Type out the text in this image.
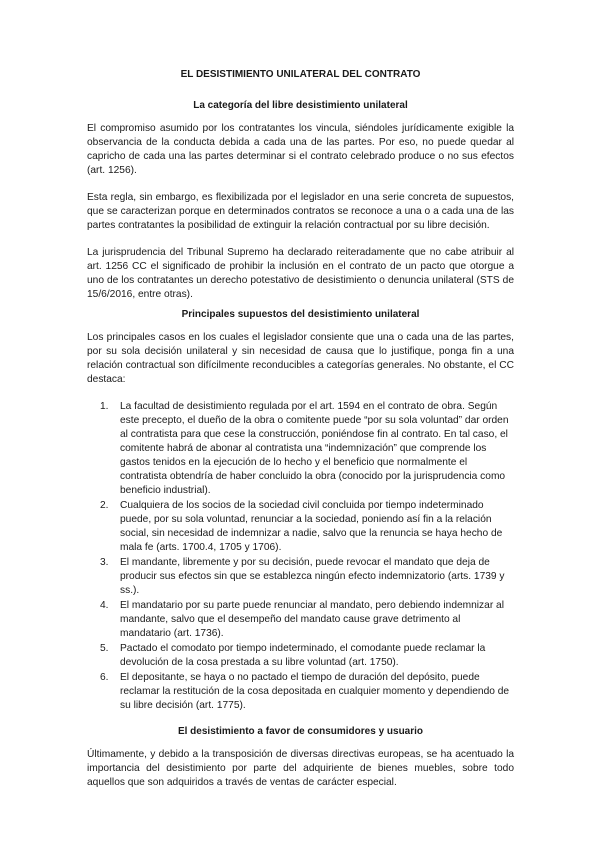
EL DESISTIMIENTO UNILATERAL DEL CONTRATO
La categoría del libre desistimiento unilateral

El compromiso asumido por los contratantes los vincula, siéndoles jurídicamente exigible la observancia de la conducta debida a cada una de las partes. Por eso, no puede quedar al capricho de cada una las partes determinar si el contrato celebrado produce o no sus efectos (art. 1256).

Esta regla, sin embargo, es flexibilizada por el legislador en una serie concreta de supuestos, que se caracterizan porque en determinados contratos se reconoce a una o a cada una de las partes contratantes la posibilidad de extinguir la relación contractual por su libre decisión.

La jurisprudencia del Tribunal Supremo ha declarado reiteradamente que no cabe atribuir al art. 1256 CC el significado de prohibir la inclusión en el contrato de un pacto que otorgue a uno de los contratantes un derecho potestativo de desistimiento o denuncia unilateral (STS de 15/6/2016, entre otras).

Principales supuestos del desistimiento unilateral

Los principales casos en los cuales el legislador consiente que una o cada una de las partes, por su sola decisión unilateral y sin necesidad de causa que lo justifique, ponga fin a una relación contractual son difícilmente reconducibles a categorías generales. No obstante, el CC destaca:

1. La facultad de desistimiento regulada por el art. 1594 en el contrato de obra. Según este precepto, el dueño de la obra o comitente puede “por su sola voluntad” dar orden al contratista para que cese la construcción, poniéndose fin al contrato. En tal caso, el comitente habrá de abonar al contratista una “indemnización” que comprende los gastos tenidos en la ejecución de lo hecho y el beneficio que normalmente el contratista obtendría de haber concluido la obra (conocido por la jurisprudencia como beneficio industrial).
2. Cualquiera de los socios de la sociedad civil concluida por tiempo indeterminado puede, por su sola voluntad, renunciar a la sociedad, poniendo así fin a la relación social, sin necesidad de indemnizar a nadie, salvo que la renuncia se haya hecho de mala fe (arts. 1700.4, 1705 y 1706).
3. El mandante, libremente y por su decisión, puede revocar el mandato que deja de producir sus efectos sin que se establezca ningún efecto indemnizatorio (arts. 1739 y ss.).
4. El mandatario por su parte puede renunciar al mandato, pero debiendo indemnizar al mandante, salvo que el desempeño del mandato cause grave detrimento al mandatario (art. 1736).
5. Pactado el comodato por tiempo indeterminado, el comodante puede reclamar la devolución de la cosa prestada a su libre voluntad (art. 1750).
6. El depositante, se haya o no pactado el tiempo de duración del depósito, puede reclamar la restitución de la cosa depositada en cualquier momento y dependiendo de su libre decisión (art. 1775).
El desistimiento a favor de consumidores y usuario

Últimamente, y debido a la transposición de diversas directivas europeas, se ha acentuado la importancia del desistimiento por parte del adquiriente de bienes muebles, sobre todo aquellos que son adquiridos a través de ventas de carácter especial.
